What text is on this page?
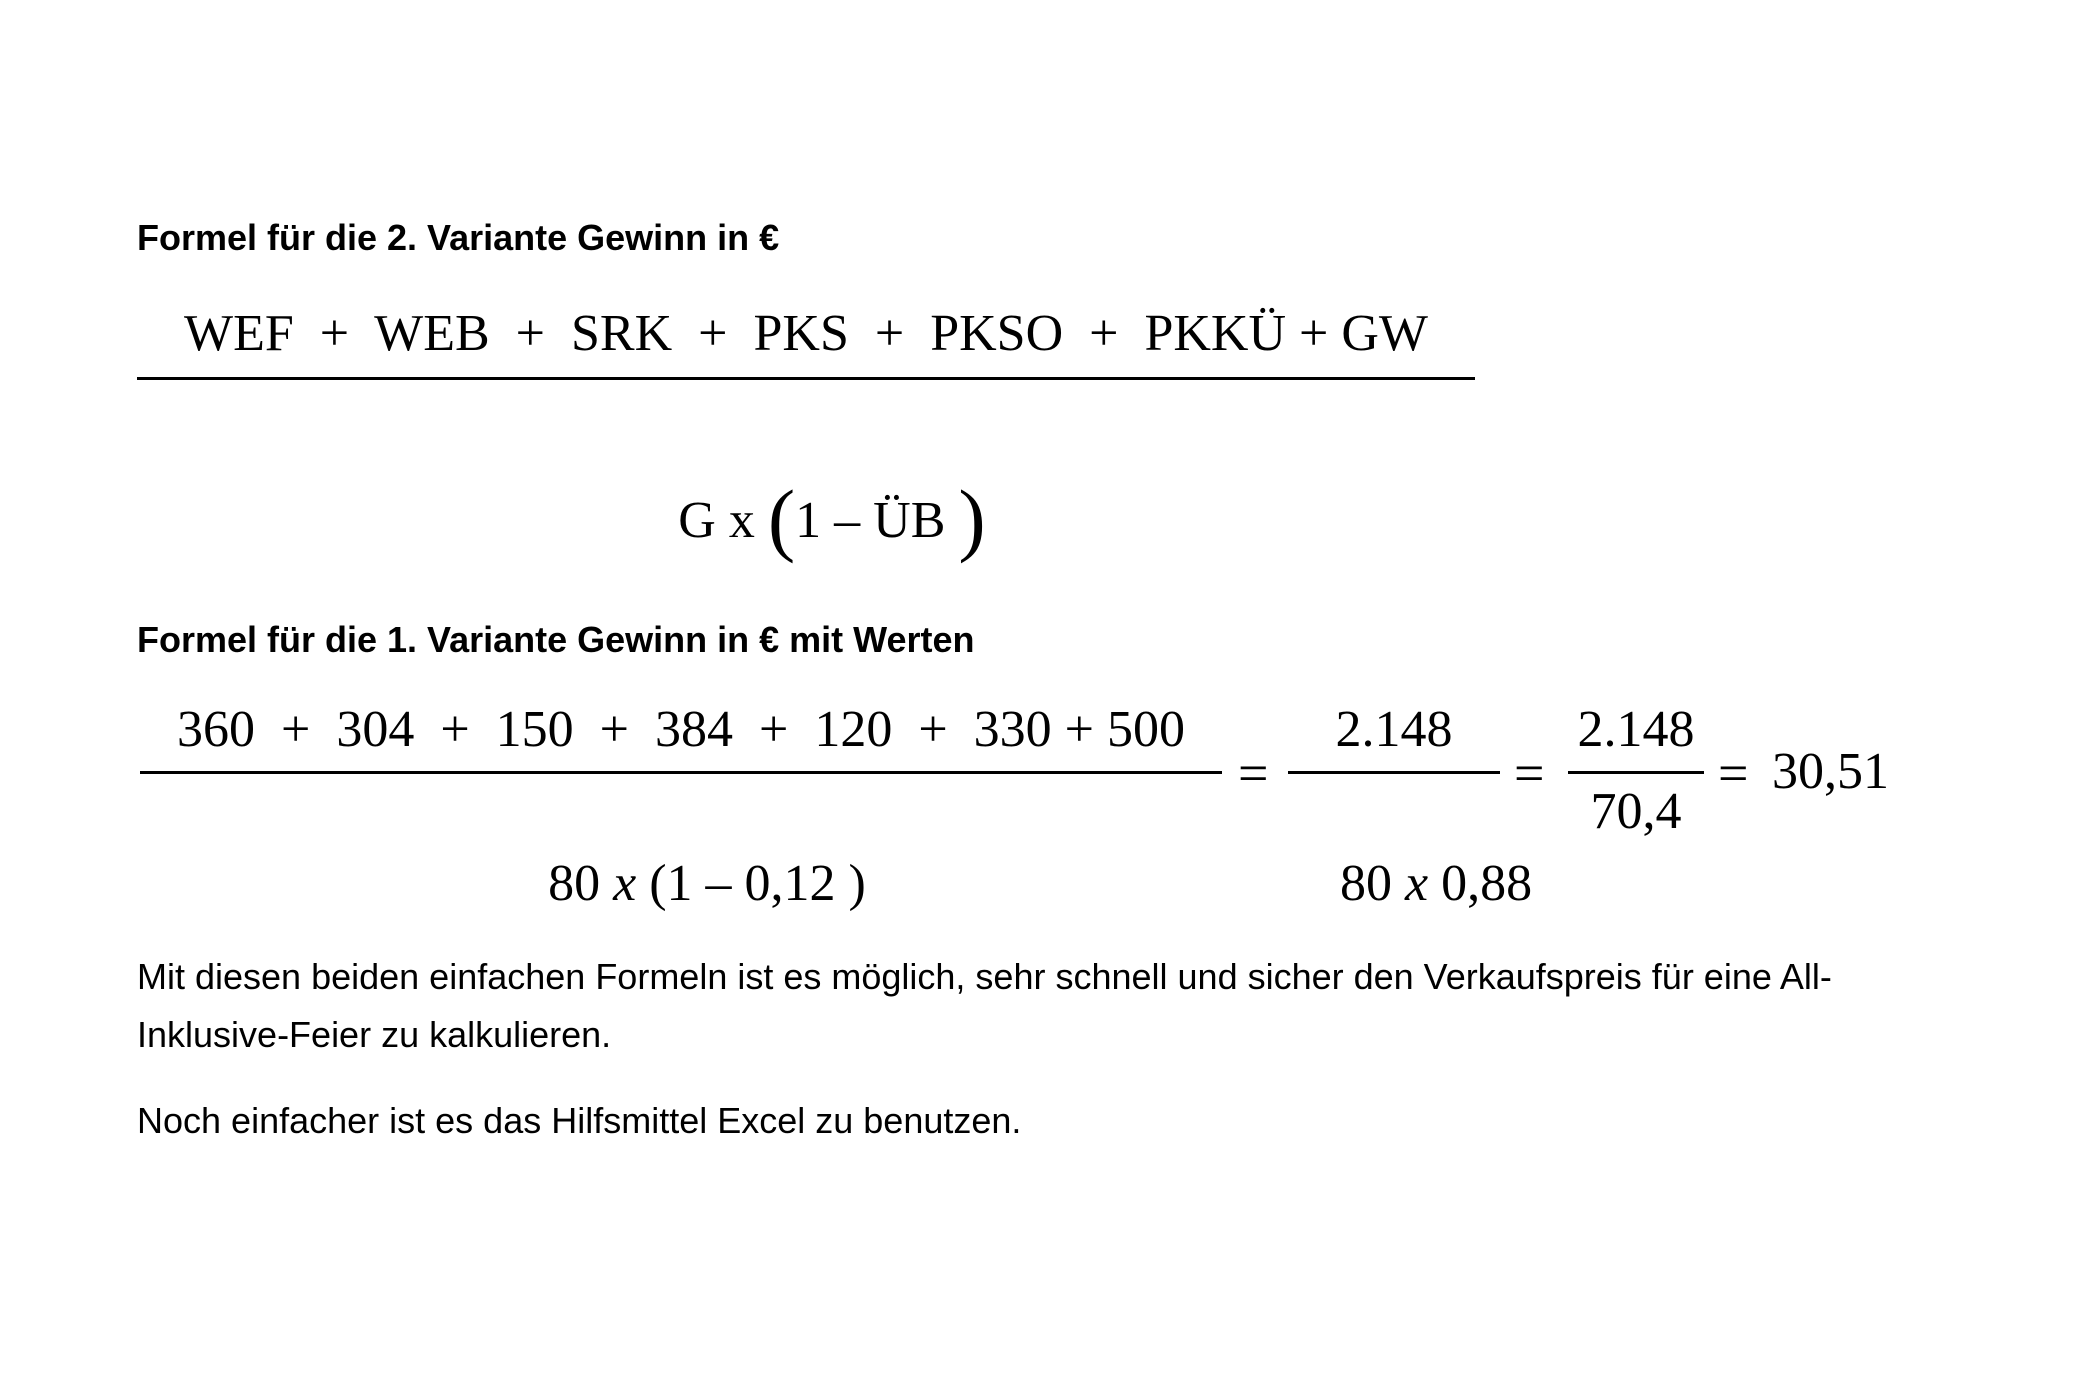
Formel für die 2. Variante Gewinn in €
WEF  +  WEB  +  SRK  +  PKS  +  PKSO  +  PKKÜ + GW

G x (1 – ÜB )

Formel für die 1. Variante Gewinn in € mit Werten
360  +  304  +  150  +  384  +  120  +  330 + 500

80 x (1 – 0,12 )

=
2.148

80 x 0,88

=
2.148
70,4
= 30,51
Mit diesen beiden einfachen Formeln ist es möglich, sehr schnell und sicher den Verkaufspreis für eine All-Inklusive-Feier zu kalkulieren.
Noch einfacher ist es das Hilfsmittel Excel zu benutzen.
